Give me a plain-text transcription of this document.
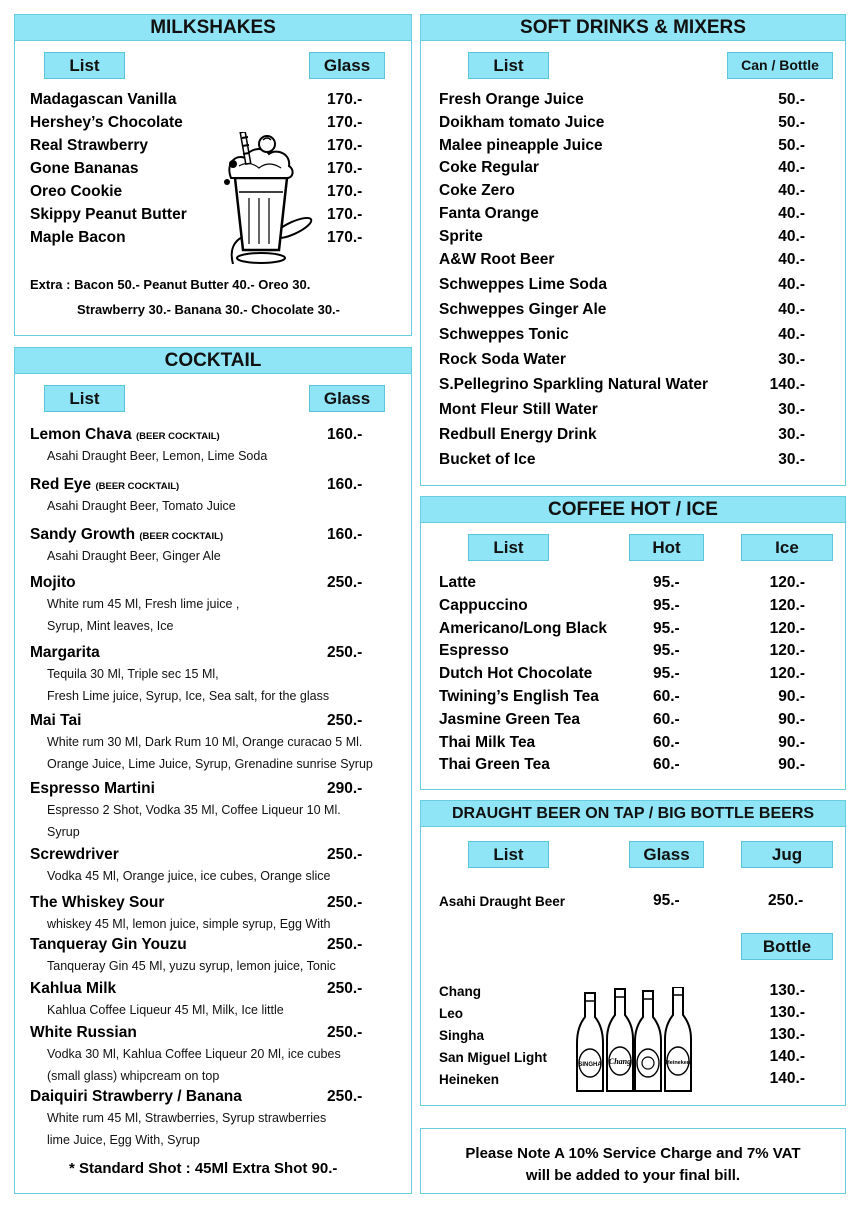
MILKSHAKES
List	Glass
Madagascan Vanilla	170.-
Hershey’s Chocolate	170.-
Real Strawberry	170.-
Gone Bananas	170.-
Oreo Cookie	170.-
Skippy Peanut Butter	170.-
Maple Bacon	170.-
Extra : Bacon 50.- Peanut Butter 40.- Oreo 30.
Strawberry 30.- Banana 30.- Chocolate 30.-
COCKTAIL
List	Glass
Lemon Chava (BEER COCKTAIL)	160.-
Asahi Draught Beer, Lemon, Lime Soda
Red Eye (BEER COCKTAIL)	160.-
Asahi Draught Beer, Tomato Juice
Sandy Growth (BEER COCKTAIL)	160.-
Asahi Draught Beer, Ginger Ale
Mojito	250.-
White rum 45 Ml, Fresh lime juice ,
Syrup, Mint leaves, Ice
Margarita	250.-
Tequila 30 Ml, Triple sec 15 Ml,
Fresh Lime juice, Syrup, Ice, Sea salt, for the glass
Mai Tai	250.-
White rum 30 Ml, Dark Rum 10 Ml, Orange curacao 5 Ml.
Orange Juice, Lime Juice, Syrup, Grenadine sunrise Syrup
Espresso Martini	290.-
Espresso 2 Shot, Vodka 35 Ml, Coffee Liqueur 10 Ml.
Syrup
Screwdriver	250.-
Vodka 45 Ml, Orange juice, ice cubes, Orange slice
The Whiskey Sour	250.-
whiskey 45 Ml, lemon juice, simple syrup, Egg With
Tanqueray Gin Youzu	250.-
Tanqueray Gin 45 Ml, yuzu syrup, lemon juice, Tonic
Kahlua Milk	250.-
Kahlua Coffee Liqueur 45 Ml, Milk, Ice little
White Russian	250.-
Vodka 30 Ml, Kahlua Coffee Liqueur 20 Ml, ice cubes
(small glass) whipcream on top
Daiquiri Strawberry / Banana	250.-
White rum 45 Ml, Strawberries, Syrup strawberries
lime Juice, Egg With, Syrup
* Standard Shot : 45Ml Extra Shot 90.-
SOFT DRINKS & MIXERS
List	Can / Bottle
Fresh Orange Juice	50.-
Doikham tomato Juice	50.-
Malee pineapple Juice	50.-
Coke Regular	40.-
Coke Zero	40.-
Fanta Orange	40.-
Sprite	40.-
A&W Root Beer	40.-
Schweppes Lime Soda	40.-
Schweppes Ginger Ale	40.-
Schweppes Tonic	40.-
Rock Soda Water	30.-
S.Pellegrino Sparkling Natural Water	140.-
Mont Fleur Still Water	30.-
Redbull Energy Drink	30.-
Bucket of Ice	30.-
COFFEE HOT / ICE
List	Hot	Ice
Latte	95.-	120.-
Cappuccino	95.-	120.-
Americano/Long Black	95.-	120.-
Espresso	95.-	120.-
Dutch Hot Chocolate	95.-	120.-
Twining’s English Tea	60.-	90.-
Jasmine Green Tea	60.-	90.-
Thai Milk Tea	60.-	90.-
Thai Green Tea	60.-	90.-
DRAUGHT BEER ON TAP / BIG BOTTLE BEERS
List	Glass	Jug
Asahi Draught Beer	95.-	250.-
Bottle
Chang	130.-
Leo	130.-
Singha	130.-
San Miguel Light	140.-
Heineken	140.-
SINGHA Chang	Heineken
Please Note A 10% Service Charge and 7% VAT
will be added to your final bill.
